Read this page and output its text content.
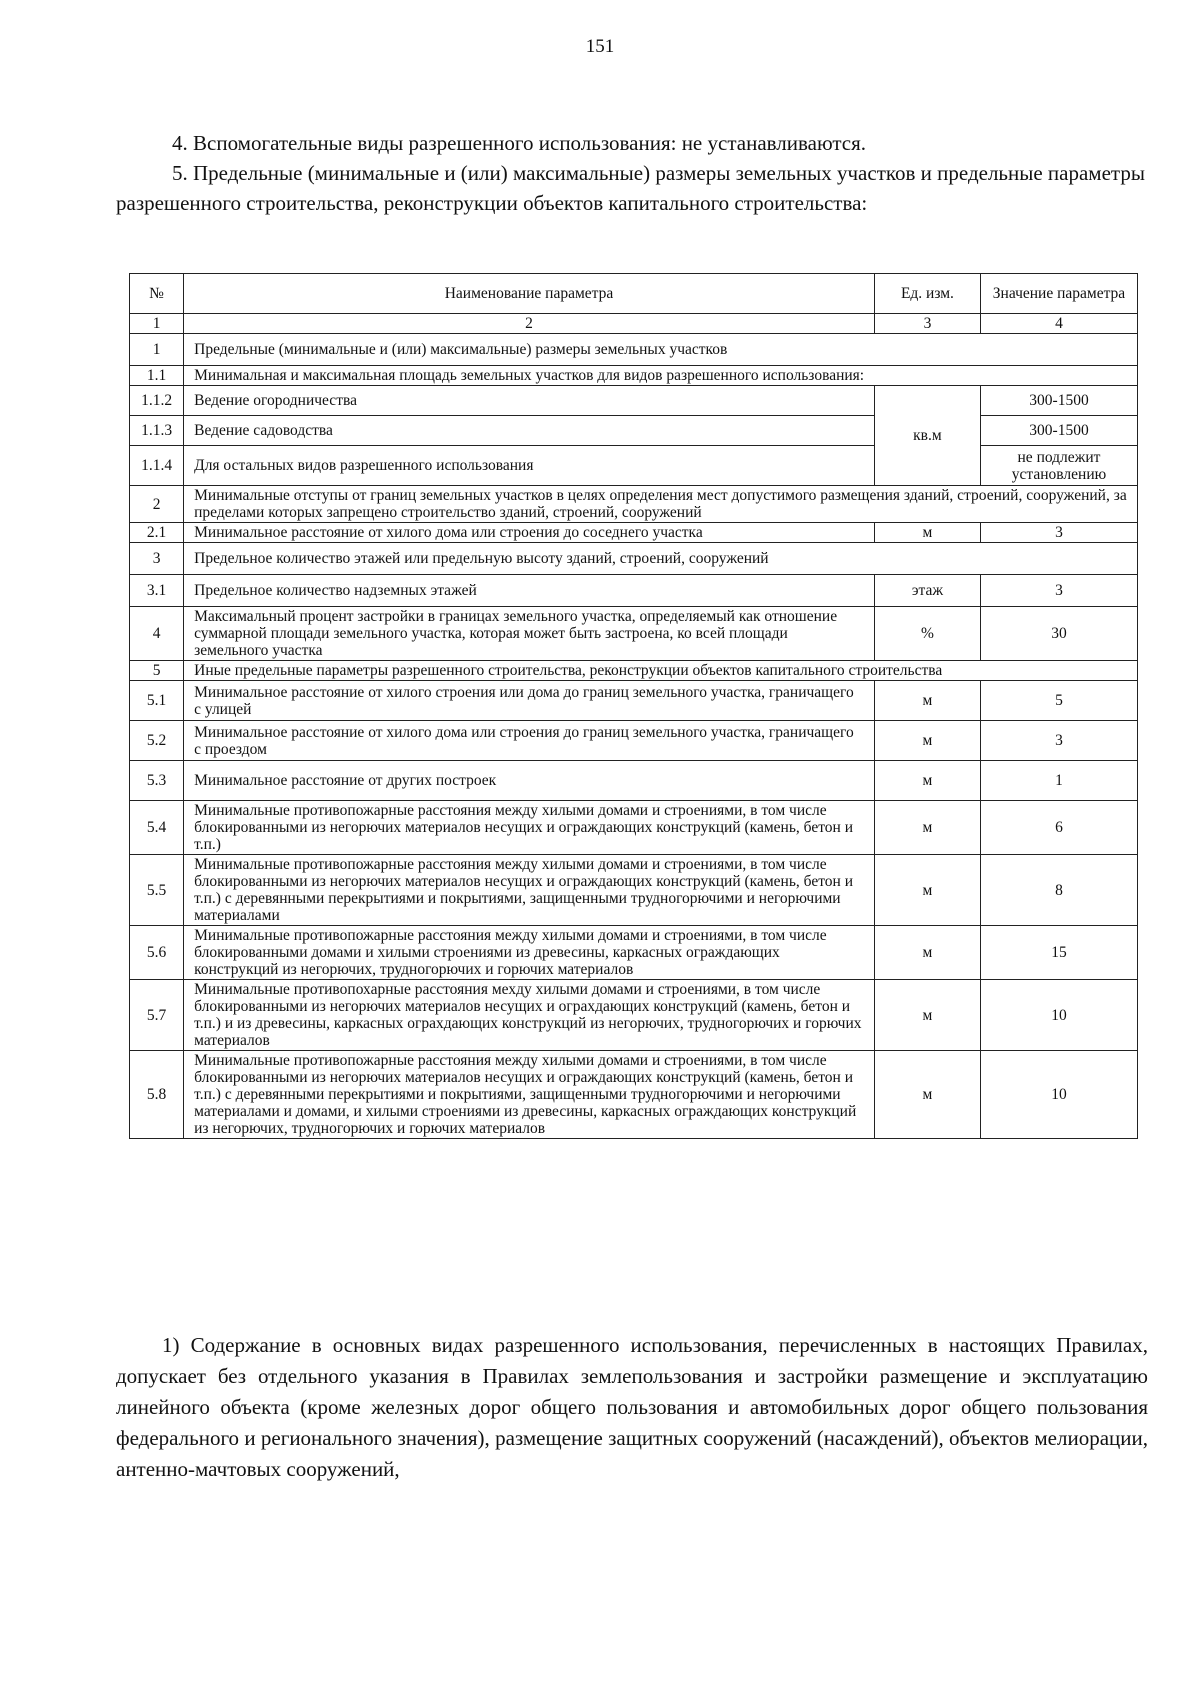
151

4. Вспомогательные виды разрешенного использования: не устанавливаются.

5. Предельные (минимальные и (или) максимальные) размеры земельных участков и предельные параметры разрешенного строительства, реконструкции объектов капитального строительства:

№	Наименование параметра	Ед. изм.	Значение параметра
1	2	3	4
1	Предельные (минимальные и (или) максимальные) размеры земельных участков		
1.1	Минимальная и максимальная площадь земельных участков для видов разрешенного использования:		
1.1.2	Ведение огородничества	кв.м	300-1500
1.1.3	Ведение садоводства		300-1500
1.1.4	Для остальных видов разрешенного использования		не подлежит установлению
2	Минимальные отступы от границ земельных участков в целях определения мест допустимого размещения зданий, строений, сооружений, за пределами которых запрещено строительство зданий, строений, сооружений		
2.1	Минимальное расстояние от хилого дома или строения до соседнего участка	м	3
3	Предельное количество этажей или предельную высоту зданий, строений, сооружений		
3.1	Предельное количество надземных этажей	этаж	3
4	Максимальный процент застройки в границах земельного участка, определяемый как отношение суммарной площади земельного участка, которая может быть застроена, ко всей площади земельного участка	%	30
5	Иные предельные параметры разрешенного строительства, реконструкции объектов капитального строительства		
5.1	Минимальное расстояние от хилого строения или дома до границ земельного участка, граничащего с улицей	м	5
5.2	Минимальное расстояние от хилого дома или строения до границ земельного участка, граничащего с проездом	м	3
5.3	Минимальное расстояние от других построек	м	1
5.4	Минимальные противопожарные расстояния между хилыми домами и строениями, в том числе блокированными из негорючих материалов несущих и ограждающих конструкций (камень, бетон и т.п.)	м	6
5.5	Минимальные противопожарные расстояния между хилыми домами и строениями, в том числе блокированными из негорючих материалов несущих и ограждающих конструкций (камень, бетон и т.п.) с деревянными перекрытиями и покрытиями, защищенными трудногорючими и негорючими материалами	м	8
5.6	Минимальные противопожарные расстояния между хилыми домами и строениями, в том числе блокированными домами и хилыми строениями из древесины, каркасных ограждающих конструкций из негорючих, трудногорючих и горючих материалов	м	15
5.7	Минимальные противопохарные расстояния мехду хилыми домами и строениями, в том числе блокированными из негорючих материалов несущих и ограхдающих конструкций (камень, бетон и т.п.) и из древесины, каркасных ограхдающих конструкций из негорючих, трудногорючих и горючих материалов	м	10
5.8	Минимальные противопожарные расстояния между хилыми домами и строениями, в том числе блокированными из негорючих материалов несущих и ограждающих конструкций (камень, бетон и т.п.) с деревянными перекрытиями и покрытиями, защищенными трудногорючими и негорючими материалами и домами, и хилыми строениями из древесины, каркасных ограждающих конструкций из негорючих, трудногорючих и горючих материалов	м	10

1) Содержание в основных видах разрешенного использования, перечисленных в настоящих Правилах, допускает без отдельного указания в Правилах землепользования и застройки размещение и эксплуатацию линейного объекта (кроме железных дорог общего пользования и автомобильных дорог общего пользования федерального и регионального значения), размещение защитных сооружений (насаждений), объектов мелиорации, антенно-мачтовых сооружений,
